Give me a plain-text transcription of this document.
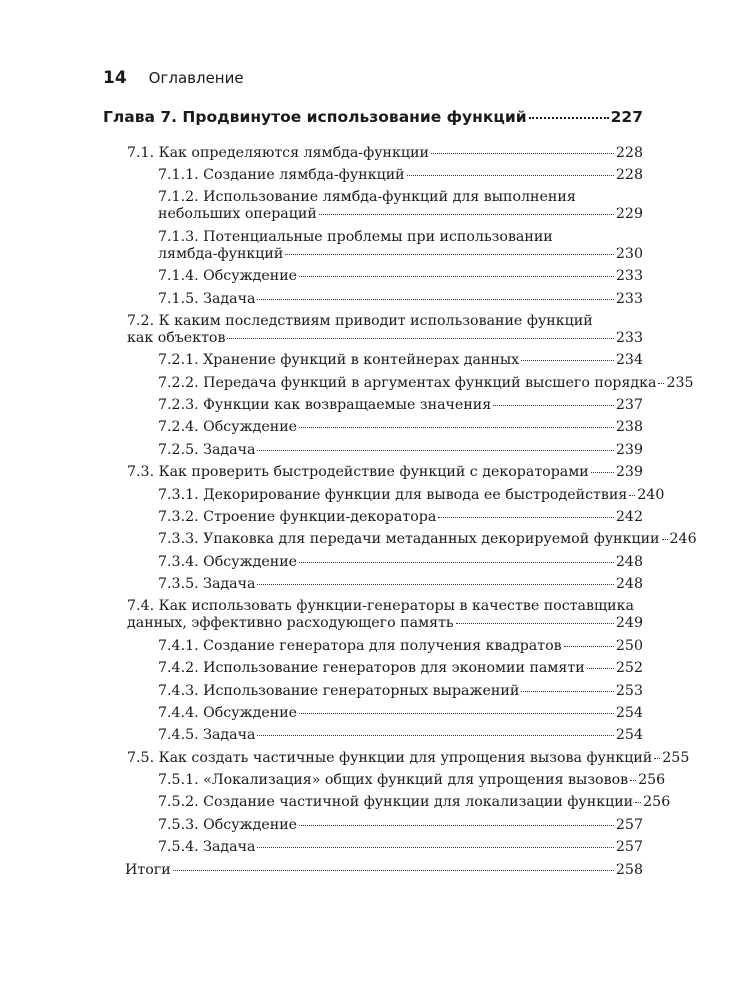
14 Оглавление
Глава 7. Продвинутое использование функций	227
7.1. Как определяются лямбда-функции	228
7.1.1. Создание лямбда-функций	228
7.1.2. Использование лямбда-функций для выполнения
небольших операций	229
7.1.3. Потенциальные проблемы при использовании
лямбда-функций	230
7.1.4. Обсуждение	233
7.1.5. Задача	233
7.2. К каким последствиям приводит использование функций
как объектов	233
7.2.1. Хранение функций в контейнерах данных	234
7.2.2. Передача функций в аргументах функций высшего порядка 235
7.2.3. Функции как возвращаемые значения	237
7.2.4. Обсуждение	238
7.2.5. Задача	239
7.3. Как проверить быстродействие функций с декораторами 239
7.3.1. Декорирование функции для вывода ее быстродействия 240
7.3.2. Строение функции-декоратора	242
7.3.3. Упаковка для передачи метаданных декорируемой функции 246
7.3.4. Обсуждение	248
7.3.5. Задача	248
7.4. Как использовать функции-генераторы в качестве поставщика
данных, эффективно расходующего память	249
7.4.1. Создание генератора для получения квадратов	250
7.4.2. Использование генераторов для экономии памяти 252
7.4.3. Использование генераторных выражений	253
7.4.4. Обсуждение	254
7.4.5. Задача	254
7.5. Как создать частичные функции для упрощения вызова функций 255
7.5.1. «Локализация» общих функций для упрощения вызовов 256
7.5.2. Создание частичной функции для локализации функции 256
7.5.3. Обсуждение	257
7.5.4. Задача	257
Итоги	258
